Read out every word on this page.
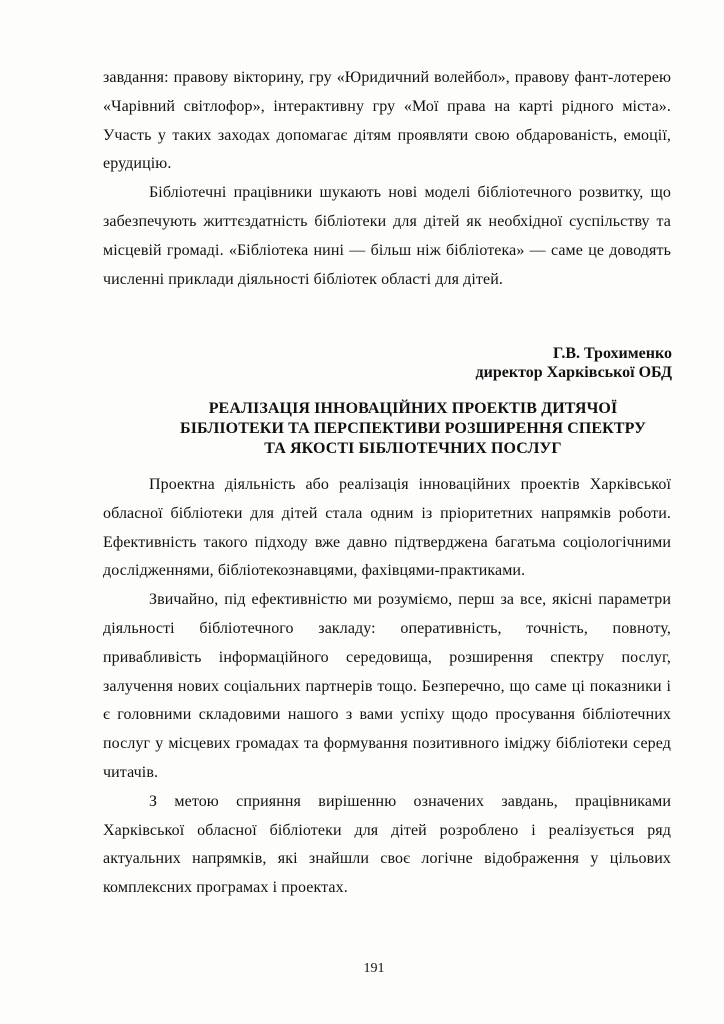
завдання: правову вікторину, гру «Юридичний волейбол», правову фант-лотерею «Чарівний світлофор», інтерактивну гру «Мої права на карті рідного міста». Участь у таких заходах допомагає дітям проявляти свою обдарованість, емоції, ерудицію.

Бібліотечні працівники шукають нові моделі бібліотечного розвитку, що забезпечують життєздатність бібліотеки для дітей як необхідної суспільству та місцевій громаді. «Бібліотека нині — більш ніж бібліотека» — саме це доводять численні приклади діяльності бібліотек області для дітей.

Г.В. Трохименко
директор Харківської ОБД
РЕАЛІЗАЦІЯ ІННОВАЦІЙНИХ ПРОЕКТІВ ДИТЯЧОЇ
БІБЛІОТЕКИ ТА ПЕРСПЕКТИВИ РОЗШИРЕННЯ СПЕКТРУ
ТА ЯКОСТІ БІБЛІОТЕЧНИХ ПОСЛУГ

Проектна діяльність або реалізація інноваційних проектів Харківської обласної бібліотеки для дітей стала одним із пріоритетних напрямків роботи. Ефективність такого підходу вже давно підтверджена багатьма соціологічними дослідженнями, бібліотекознавцями, фахівцями-практиками.

Звичайно, під ефективністю ми розуміємо, перш за все, якісні параметри діяльності бібліотечного закладу: оперативність, точність, повноту, привабливість інформаційного середовища, розширення спектру послуг, залучення нових соціальних партнерів тощо. Безперечно, що саме ці показники і є головними складовими нашого з вами успіху щодо просування бібліотечних послуг у місцевих громадах та формування позитивного іміджу бібліотеки серед читачів.

З метою сприяння вирішенню означених завдань, працівниками Харківської обласної бібліотеки для дітей розроблено і реалізується ряд актуальних напрямків, які знайшли своє логічне відображення у цільових комплексних програмах і проектах.

191
